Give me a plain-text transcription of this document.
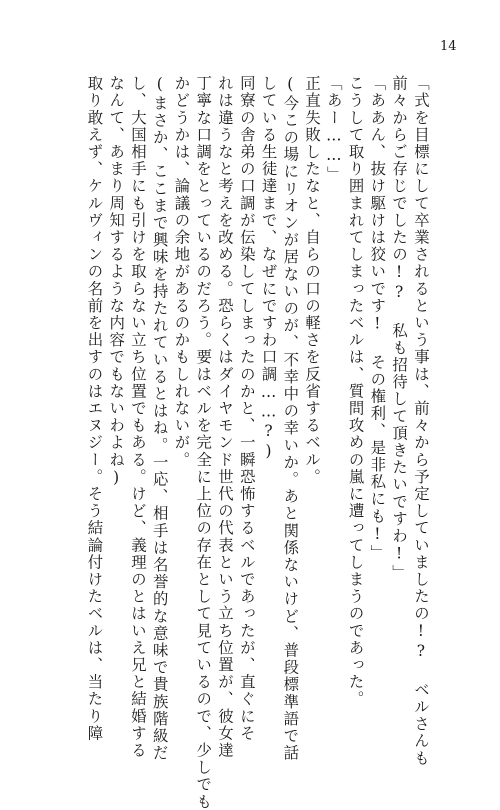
14
「式を目標にして卒業されるという事は、前々から予定していましたの!? ベルさんも
前々からご存じでしたの!? 私も招待して頂きたいですわ!」
「ああん、抜け駆けは狡いです! その権利、是非私にも!」
こうして取り囲まれてしまったベルは、質問攻めの嵐に遭ってしまうのであった。
「あー……」
正直失敗したなと、自らの口の軽さを反省するベル。
(今この場にリオンが居ないのが、不幸中の幸いか。あと関係ないけど、普段標準語で話
している生徒達まで、なぜにですわ口調……?)
同寮の舎弟の口調が伝染してしまったのかと、一瞬恐怖するベルであったが、直ぐにそ
れは違うなと考えを改める。恐らくはダイヤモンド世代の代表という立ち位置が、彼女達
丁寧な口調をとっているのだろう。要はベルを完全に上位の存在として見ているので、少しでも
かどうかは、論議の余地があるのかもしれないが。
(まさか、ここまで興味を持たれているとはね。一応、相手は名誉的な意味で貴族階級だ
し、大国相手にも引けを取らない立ち位置でもある。けど、義理のとはいえ兄と結婚する
なんて、あまり周知するような内容でもないわよね)
取り敢えず、ケルヴィンの名前を出すのはエヌジー。そう結論付けたベルは、当たり障
